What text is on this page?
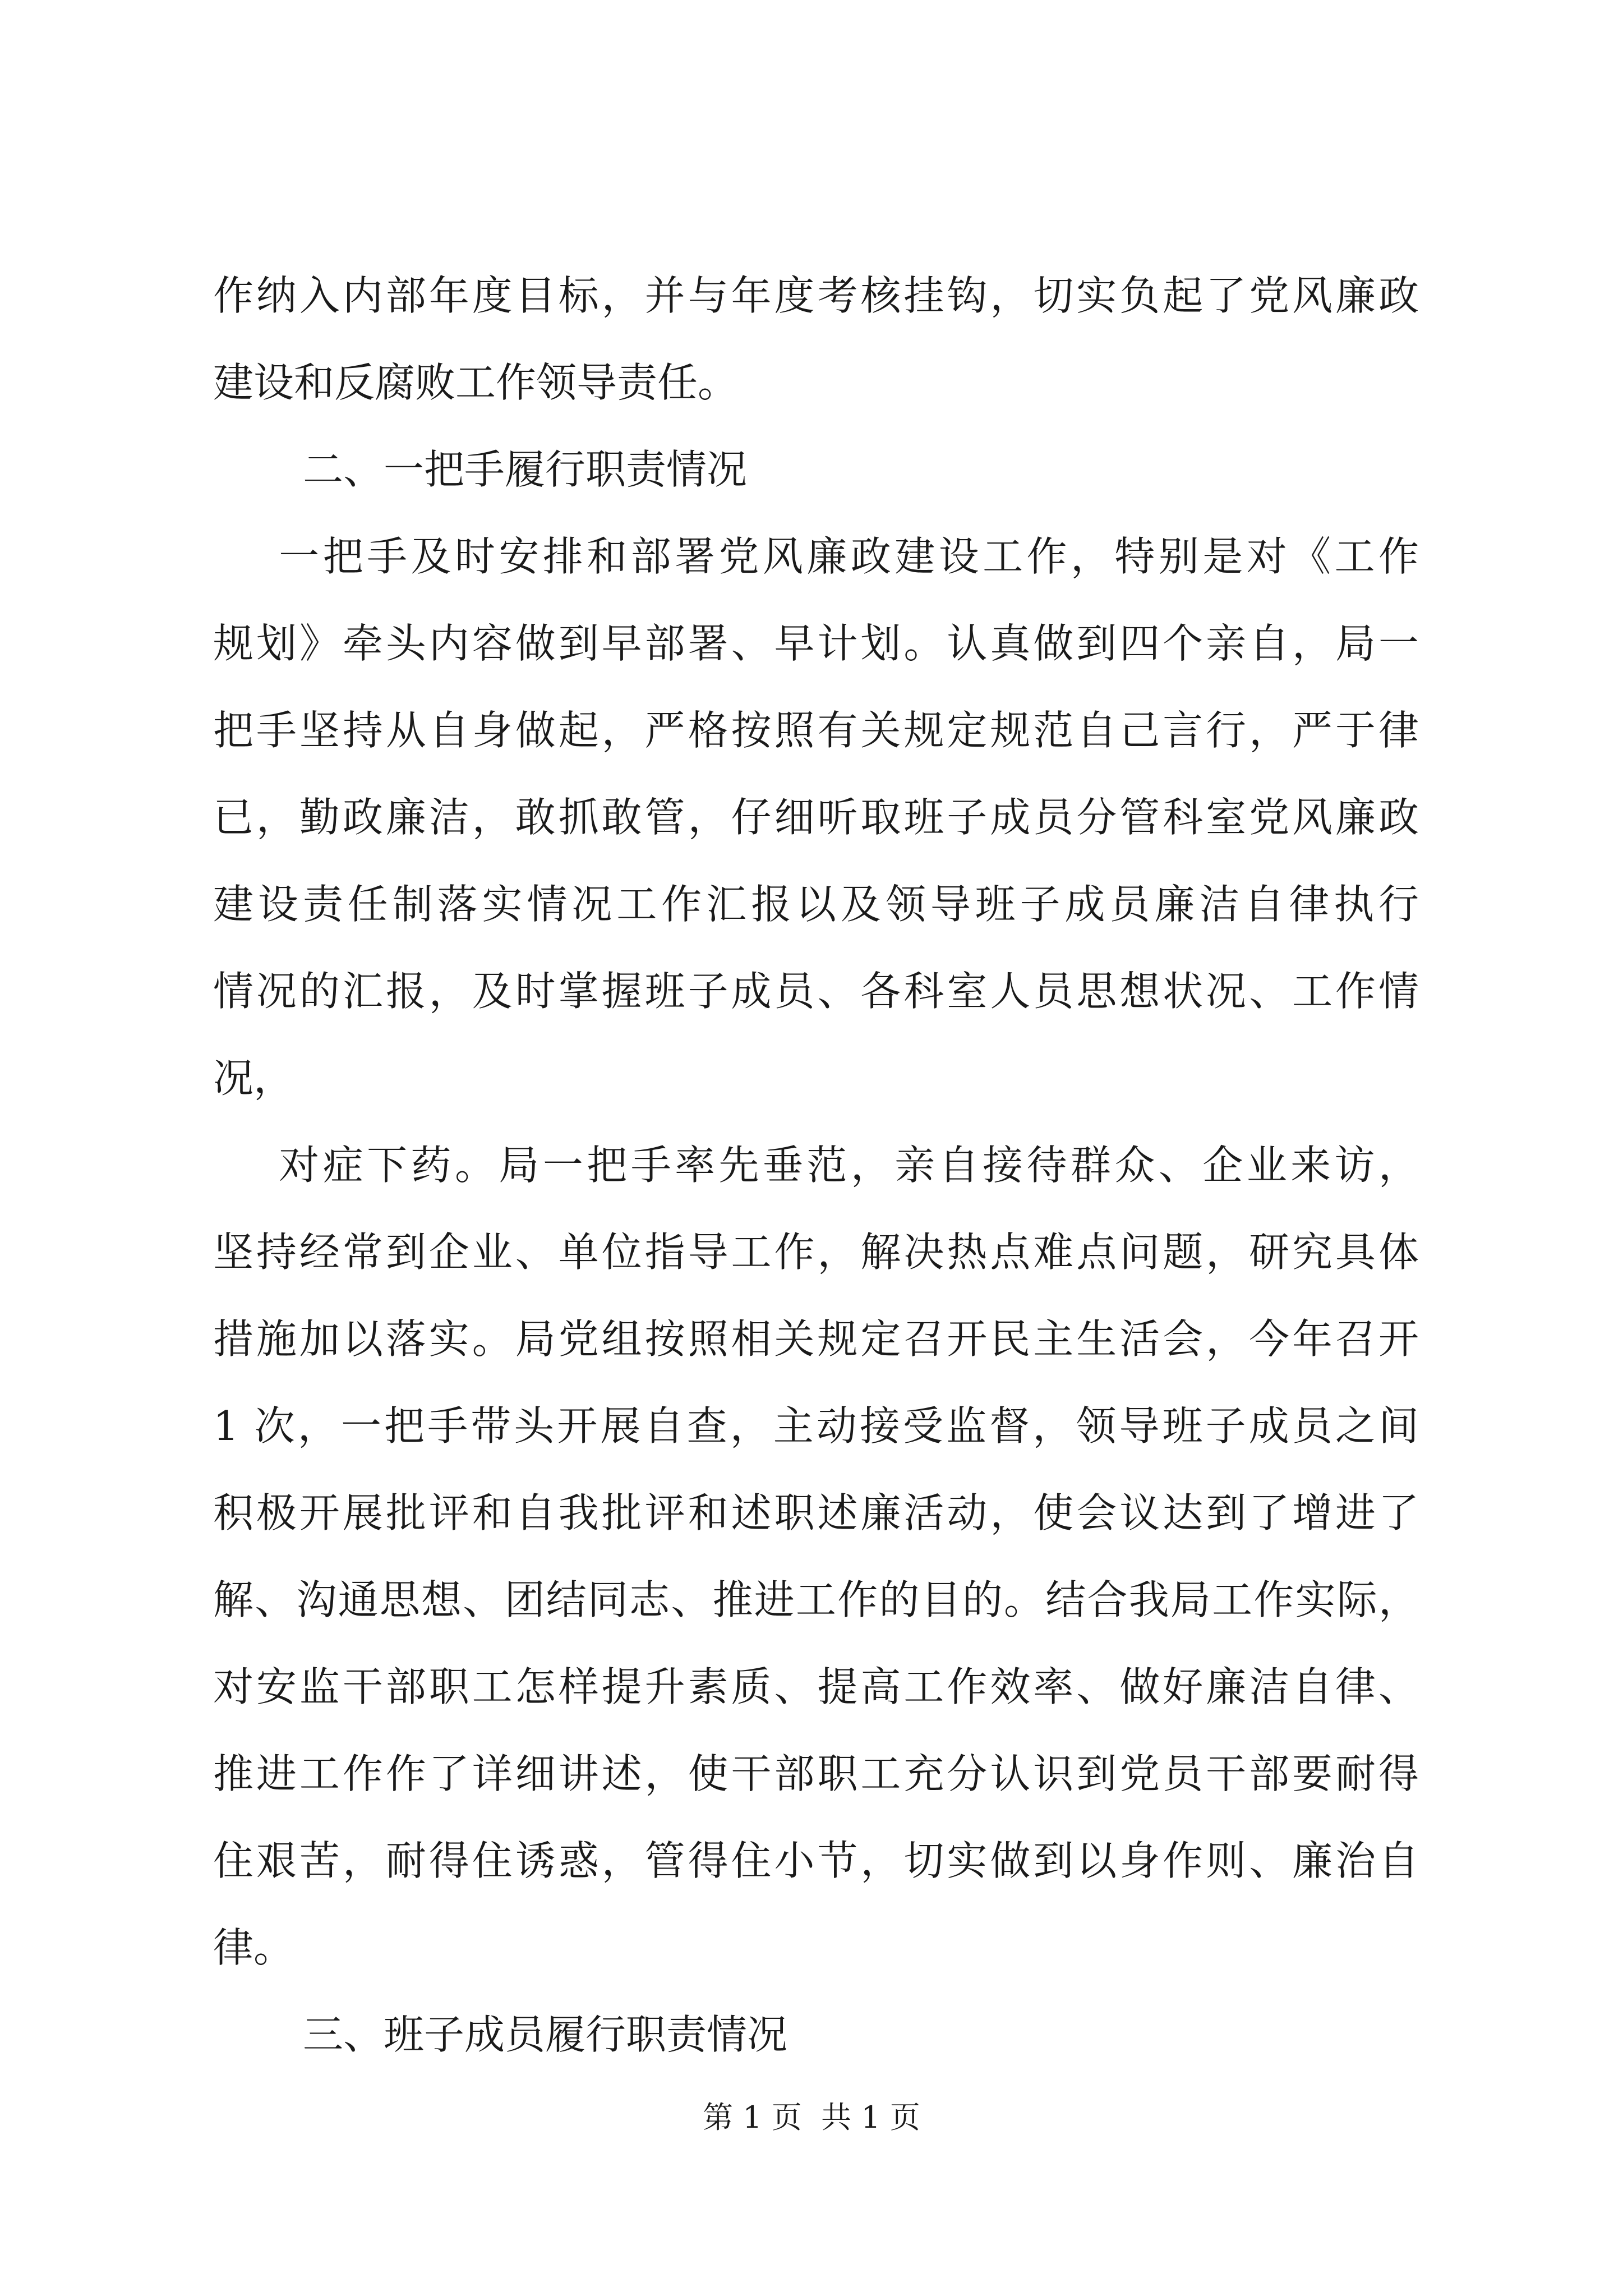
作纳入内部年度目标，并与年度考核挂钩，切实负起了党风廉政
建设和反腐败工作领导责任。
二、一把手履行职责情况
一把手及时安排和部署党风廉政建设工作，特别是对《工作
规划》牵头内容做到早部署、早计划。认真做到四个亲自，局一
把手坚持从自身做起，严格按照有关规定规范自己言行，严于律
已，勤政廉洁，敢抓敢管，仔细听取班子成员分管科室党风廉政
建设责任制落实情况工作汇报以及领导班子成员廉洁自律执行
情况的汇报，及时掌握班子成员、各科室人员思想状况、工作情
况，
对症下药。局一把手率先垂范，亲自接待群众、企业来访，
坚持经常到企业、单位指导工作，解决热点难点问题，研究具体
措施加以落实。局党组按照相关规定召开民主生活会，今年召开
1 次，一把手带头开展自查，主动接受监督，领导班子成员之间
积极开展批评和自我批评和述职述廉活动，使会议达到了增进了
解、沟通思想、团结同志、推进工作的目的。结合我局工作实际，
对安监干部职工怎样提升素质、提高工作效率、做好廉洁自律、
推进工作作了详细讲述，使干部职工充分认识到党员干部要耐得
住艰苦，耐得住诱惑，管得住小节，切实做到以身作则、廉治自
律。
三、班子成员履行职责情况
第 1 页  共 1 页
